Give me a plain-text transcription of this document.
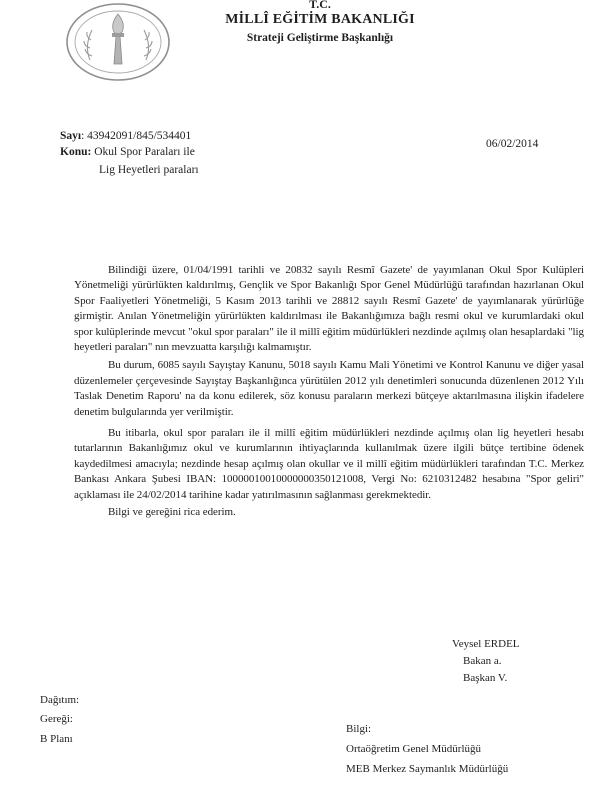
T.C.
MİLLÎ EĞİTİM BAKANLIĞI
Strateji Geliştirme Başkanlığı
Sayı: 43942091/845/534401
Konu: Okul Spor Paraları ile
Lig Heyetleri paraları
06/02/2014

Bilindiği üzere, 01/04/1991 tarihli ve 20832 sayılı Resmî Gazete' de yayımlanan Okul Spor Kulüpleri Yönetmeliği yürürlükten kaldırılmış, Gençlik ve Spor Bakanlığı Spor Genel Müdürlüğü tarafından hazırlanan Okul Spor Faaliyetleri Yönetmeliği, 5 Kasım 2013 tarihli ve 28812 sayılı Resmî Gazete' de yayımlanarak yürürlüğe girmiştir. Anılan Yönetmeliğin yürürlükten kaldırılması ile Bakanlığımıza bağlı resmi okul ve kurumlardaki okul spor kulüplerinde mevcut "okul spor paraları" ile il millî eğitim müdürlükleri nezdinde açılmış olan hesaplardaki "lig heyetleri paraları" nın mevzuatta karşılığı kalmamıştır.

Bu durum, 6085 sayılı Sayıştay Kanunu, 5018 sayılı Kamu Mali Yönetimi ve Kontrol Kanunu ve diğer yasal düzenlemeler çerçevesinde Sayıştay Başkanlığınca yürütülen 2012 yılı denetimleri sonucunda düzenlenen 2012 Yılı Taslak Denetim Raporu' na da konu edilerek, söz konusu paraların merkezi bütçeye aktarılmasına ilişkin ifadelere denetim bulgularında yer verilmiştir.

Bu itibarla, okul spor paraları ile il millî eğitim müdürlükleri nezdinde açılmış olan lig heyetleri hesabı tutarlarının Bakanlığımız okul ve kurumlarının ihtiyaçlarında kullanılmak üzere ilgili bütçe tertibine ödenek kaydedilmesi amacıyla; nezdinde hesap açılmış olan okullar ve il millî eğitim müdürlükleri tarafından T.C. Merkez Bankası Ankara Şubesi IBAN: 10000010010000000350121008, Vergi No: 6210312482 hesabına "Spor geliri" açıklaması ile 24/02/2014 tarihine kadar yatırılmasının sağlanması gerekmektedir.

Bilgi ve gereğini rica ederim.

Veysel ERDEL
Bakan a.
Başkan V.
Dağıtım:
Gereği:
B Planı
Bilgi:
Ortaöğretim Genel Müdürlüğü
MEB Merkez Saymanlık Müdürlüğü
